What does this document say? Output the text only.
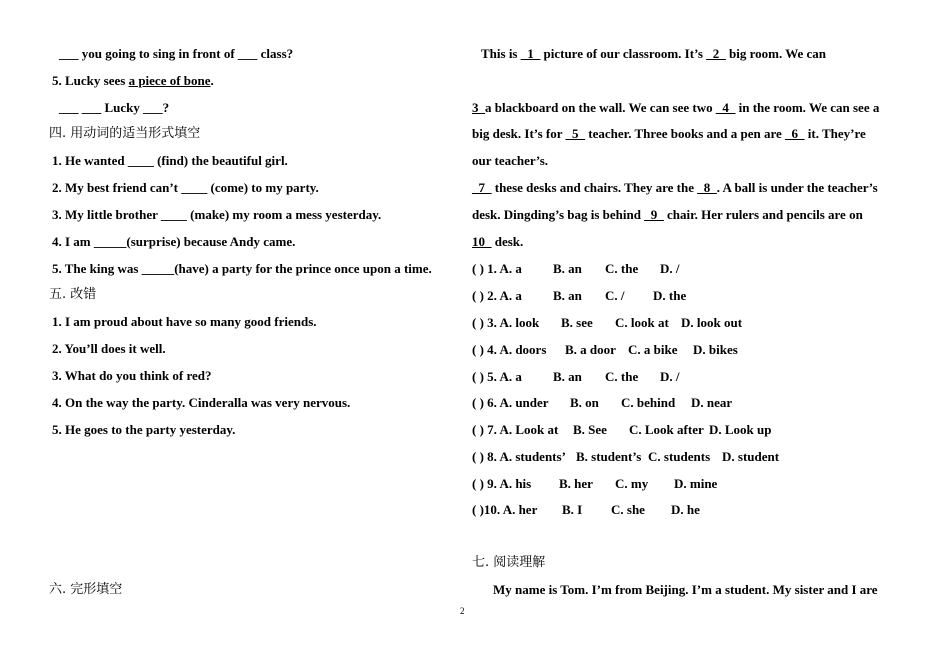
___ you going to sing in front of ___ class?
5. Lucky sees a piece of bone.
___ ___ Lucky ___?
四. 用动词的适当形式填空
1. He wanted ____ (find) the beautiful girl.
2. My best friend can’t ____ (come) to my party.
3. My little brother ____ (make) my room a mess yesterday.
4. I am _____(surprise) because Andy came.
5. The king was _____(have) a party for the prince once upon a time.
五. 改错
1. I am proud about have so many good friends.
2. You’ll does it well.
3. What do you think of red?
4. On the way the party. Cinderalla was very nervous.
5. He goes to the party yesterday.
六. 完形填空
This is _1_ picture of our classroom. It’s _2_ big room. We can
3_a blackboard on the wall. We can see two _4_ in the room. We can see a
big desk. It’s for _5_ teacher. Three books and a pen are _6_ it. They’re
our teacher’s.
_7_ these desks and chairs. They are the _8_. A ball is under the teacher’s
desk. Dingding’s bag is behind _9_ chair. Her rulers and pencils are on
10_ desk.
( ) 1. A. a B. an C. the D. /
( ) 2. A. a B. an C. / D. the
( ) 3. A. look B. see C. look at D. look out
( ) 4. A. doors B. a door C. a bike D. bikes
( ) 5. A. a B. an C. the D. /
( ) 6. A. under B. on C. behind D. near
( ) 7. A. Look at B. See C. Look after D. Look up
( ) 8. A. students’ B. student’s C. students D. student
( ) 9. A. his B. her C. my D. mine
( )10. A. her B. I C. she D. he
七. 阅读理解
My name is Tom. I’m from Beijing. I’m a student. My sister and I are
2
